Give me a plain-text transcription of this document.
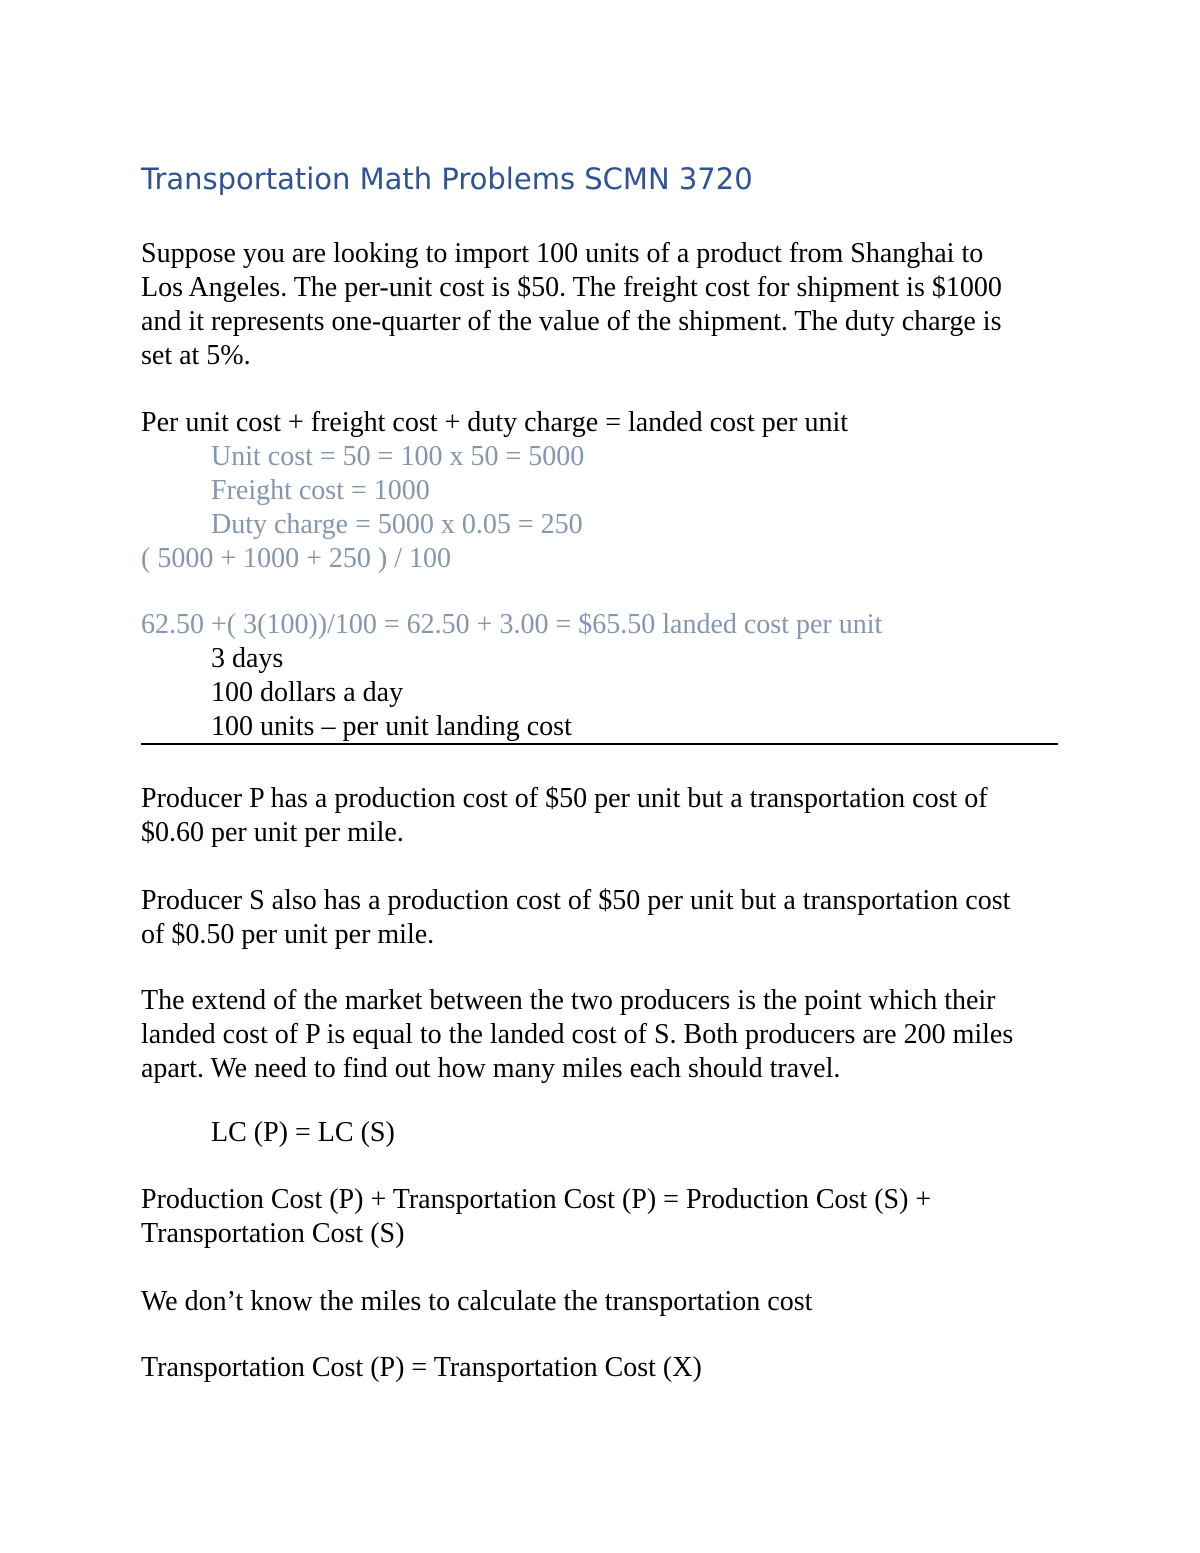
Transportation Math Problems SCMN 3720
Suppose you are looking to import 100 units of a product from Shanghai to
Los Angeles. The per-unit cost is $50. The freight cost for shipment is $1000
and it represents one-quarter of the value of the shipment. The duty charge is
set at 5%.
Per unit cost + freight cost + duty charge = landed cost per unit
Unit cost = 50 = 100 x 50 = 5000
Freight cost = 1000
Duty charge = 5000 x 0.05 = 250
( 5000 + 1000 + 250 ) / 100
62.50 +( 3(100))/100 = 62.50 + 3.00 = $65.50 landed cost per unit
3 days
100 dollars a day
100 units – per unit landing cost
Producer P has a production cost of $50 per unit but a transportation cost of
$0.60 per unit per mile.
Producer S also has a production cost of $50 per unit but a transportation cost
of $0.50 per unit per mile.
The extend of the market between the two producers is the point which their
landed cost of P is equal to the landed cost of S. Both producers are 200 miles
apart. We need to find out how many miles each should travel.
LC (P) = LC (S)
Production Cost (P) + Transportation Cost (P) = Production Cost (S) +
Transportation Cost (S)
We don’t know the miles to calculate the transportation cost
Transportation Cost (P) = Transportation Cost (X)
